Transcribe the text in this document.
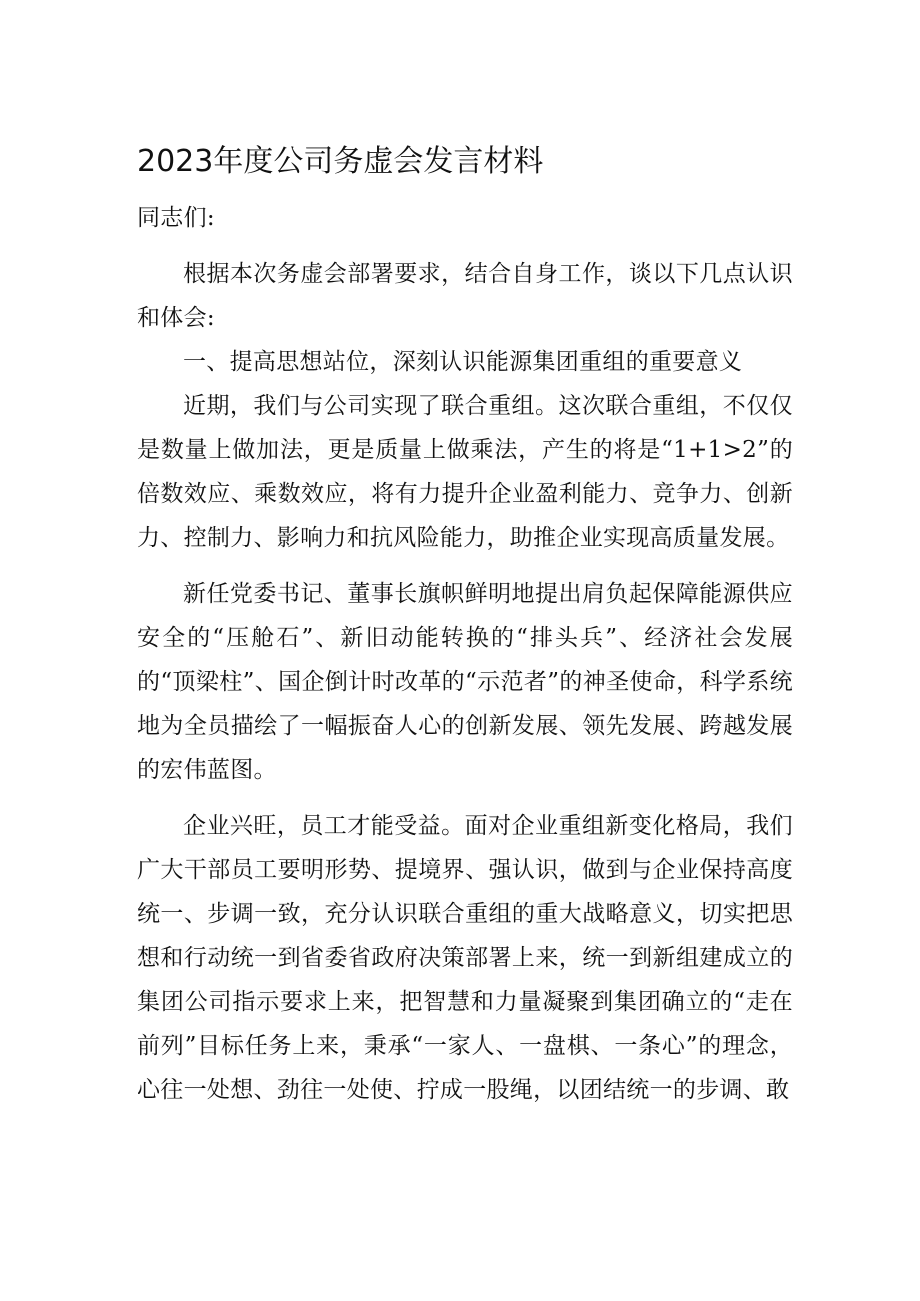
2023年度公司务虚会发言材料

同志们:

根据本次务虚会部署要求，结合自身工作，谈以下几点认识和体会:

一、提高思想站位，深刻认识能源集团重组的重要意义

近期，我们与公司实现了联合重组。这次联合重组，不仅仅是数量上做加法，更是质量上做乘法，产生的将是“1+1>2”的倍数效应、乘数效应，将有力提升企业盈利能力、竞争力、创新力、控制力、影响力和抗风险能力，助推企业实现高质量发展。

新任党委书记、董事长旗帜鲜明地提出肩负起保障能源供应安全的“压舱石”、新旧动能转换的“排头兵”、经济社会发展的“顶梁柱”、国企倒计时改革的“示范者”的神圣使命，科学系统地为全员描绘了一幅振奋人心的创新发展、领先发展、跨越发展的宏伟蓝图。

企业兴旺，员工才能受益。面对企业重组新变化格局，我们广大干部员工要明形势、提境界、强认识，做到与企业保持高度统一、步调一致，充分认识联合重组的重大战略意义，切实把思想和行动统一到省委省政府决策部署上来，统一到新组建成立的集团公司指示要求上来，把智慧和力量凝聚到集团确立的“走在前列”目标任务上来，秉承“一家人、一盘棋、一条心”的理念，心往一处想、劲往一处使、拧成一股绳，以团结统一的步调、敢
